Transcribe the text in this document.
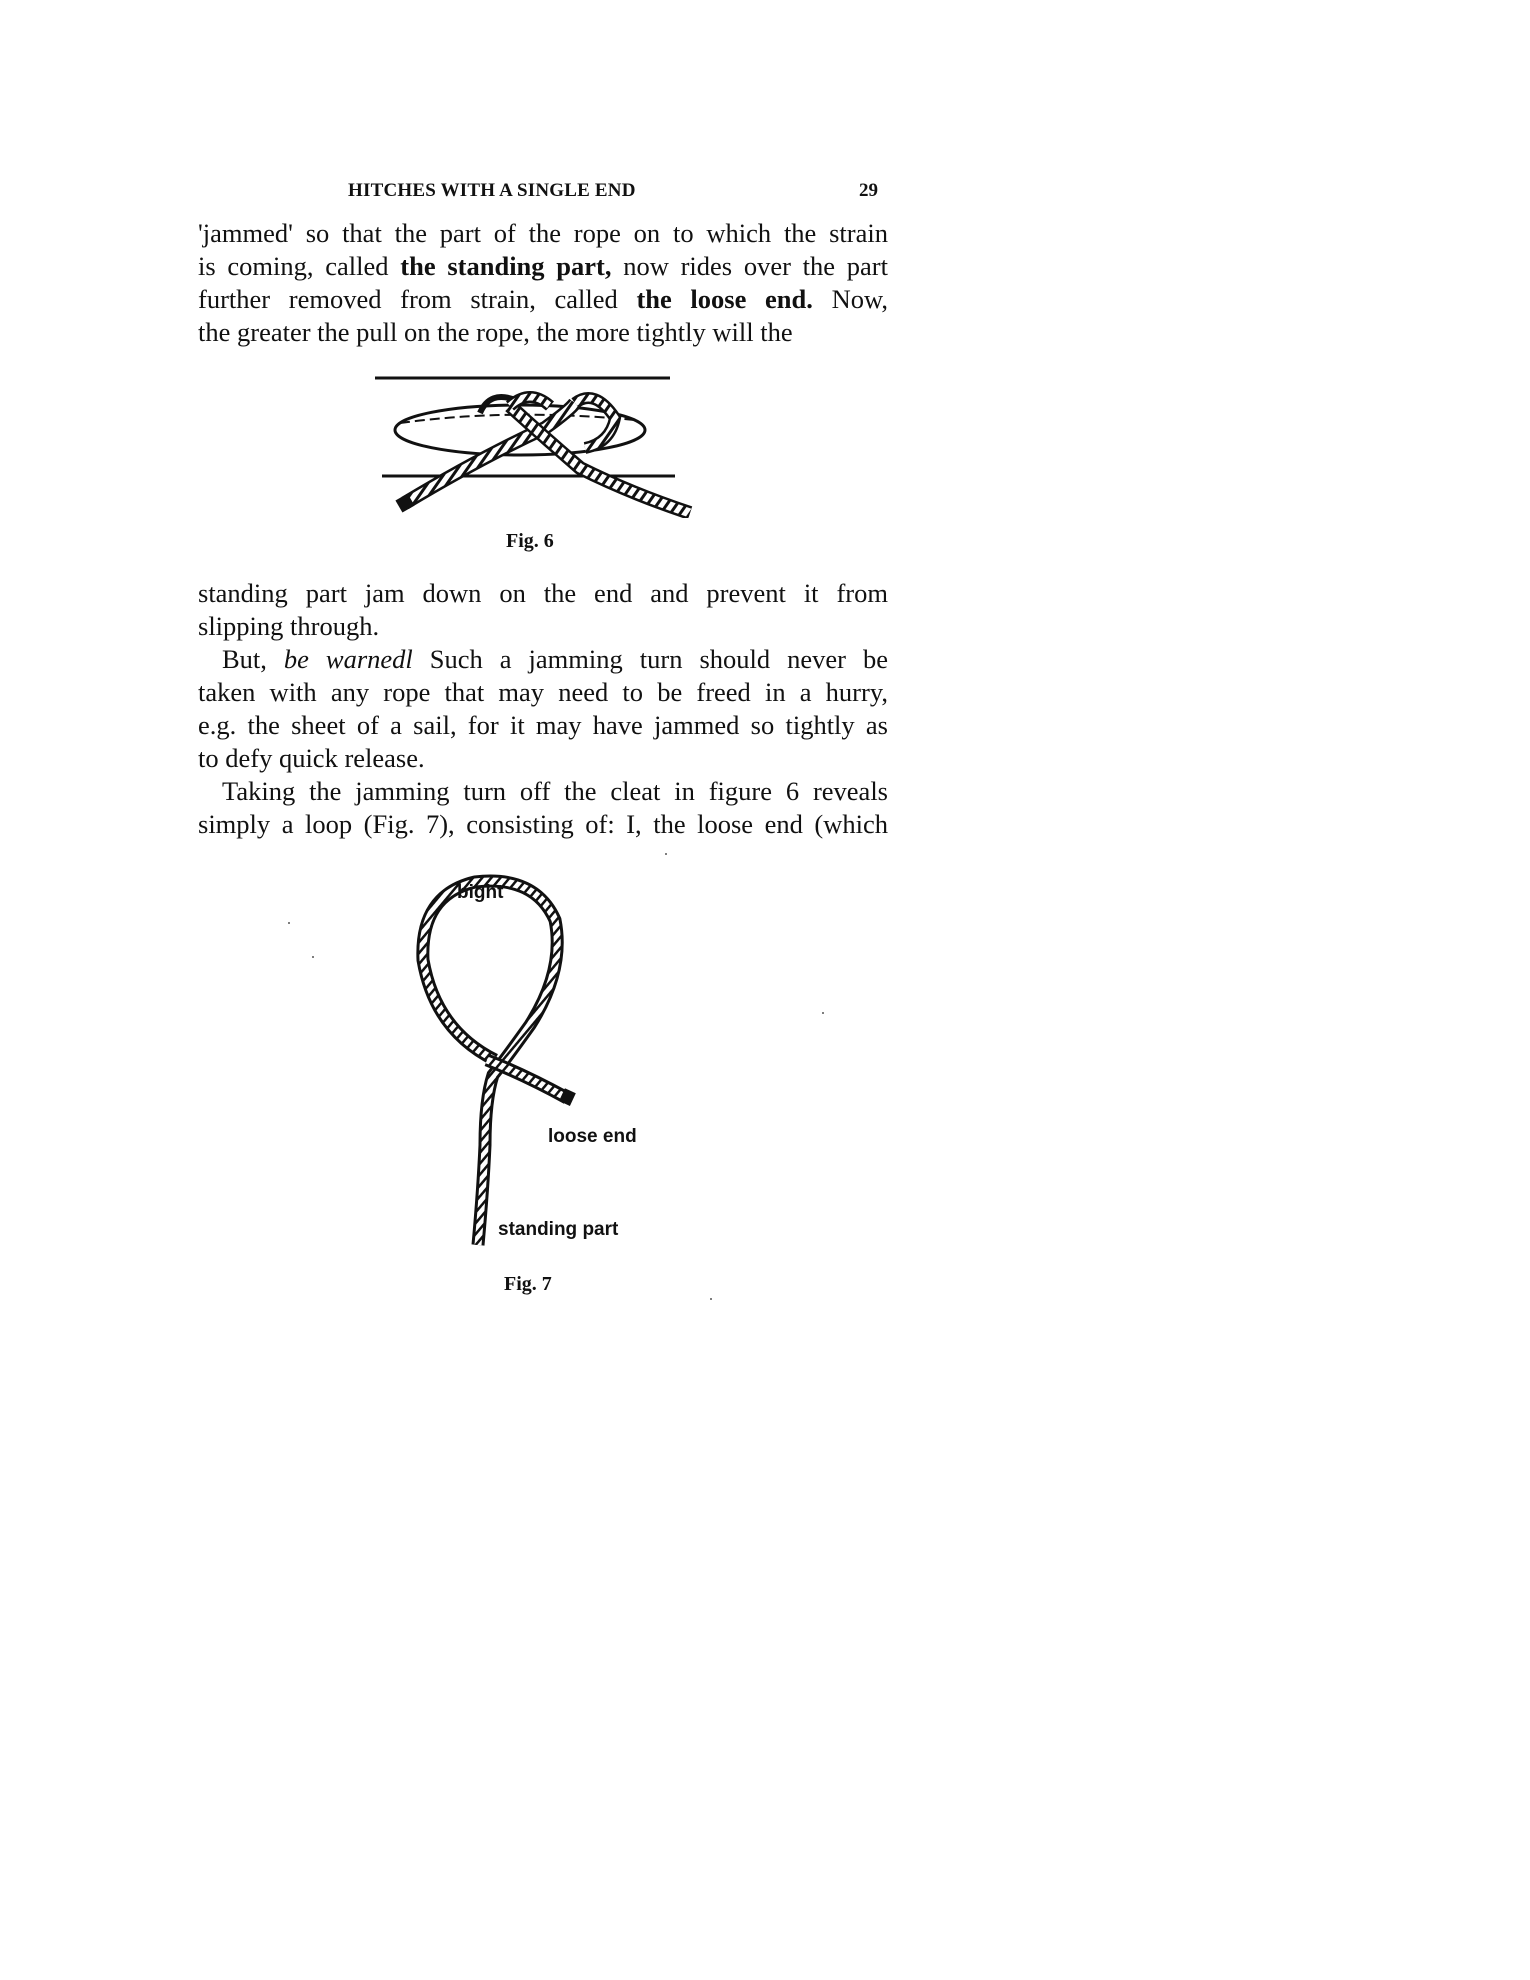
HITCHES WITH A SINGLE END	29
'jammed' so that the part of the rope on to which the strain
is coming, called the standing part, now rides over the part
further removed from strain, called the loose end. Now,
the greater the pull on the rope, the more tightly will the
Fig. 6
standing part jam down on the end and prevent it from
slipping through.
But, be warnedl Such a jamming turn should never be
taken with any rope that may need to be freed in a hurry,
e.g. the sheet of a sail, for it may have jammed so tightly as
to defy quick release.
Taking the jamming turn off the cleat in figure 6 reveals
simply a loop (Fig. 7), consisting of: I, the loose end (which
bight
loose end
standing part
Fig. 7
